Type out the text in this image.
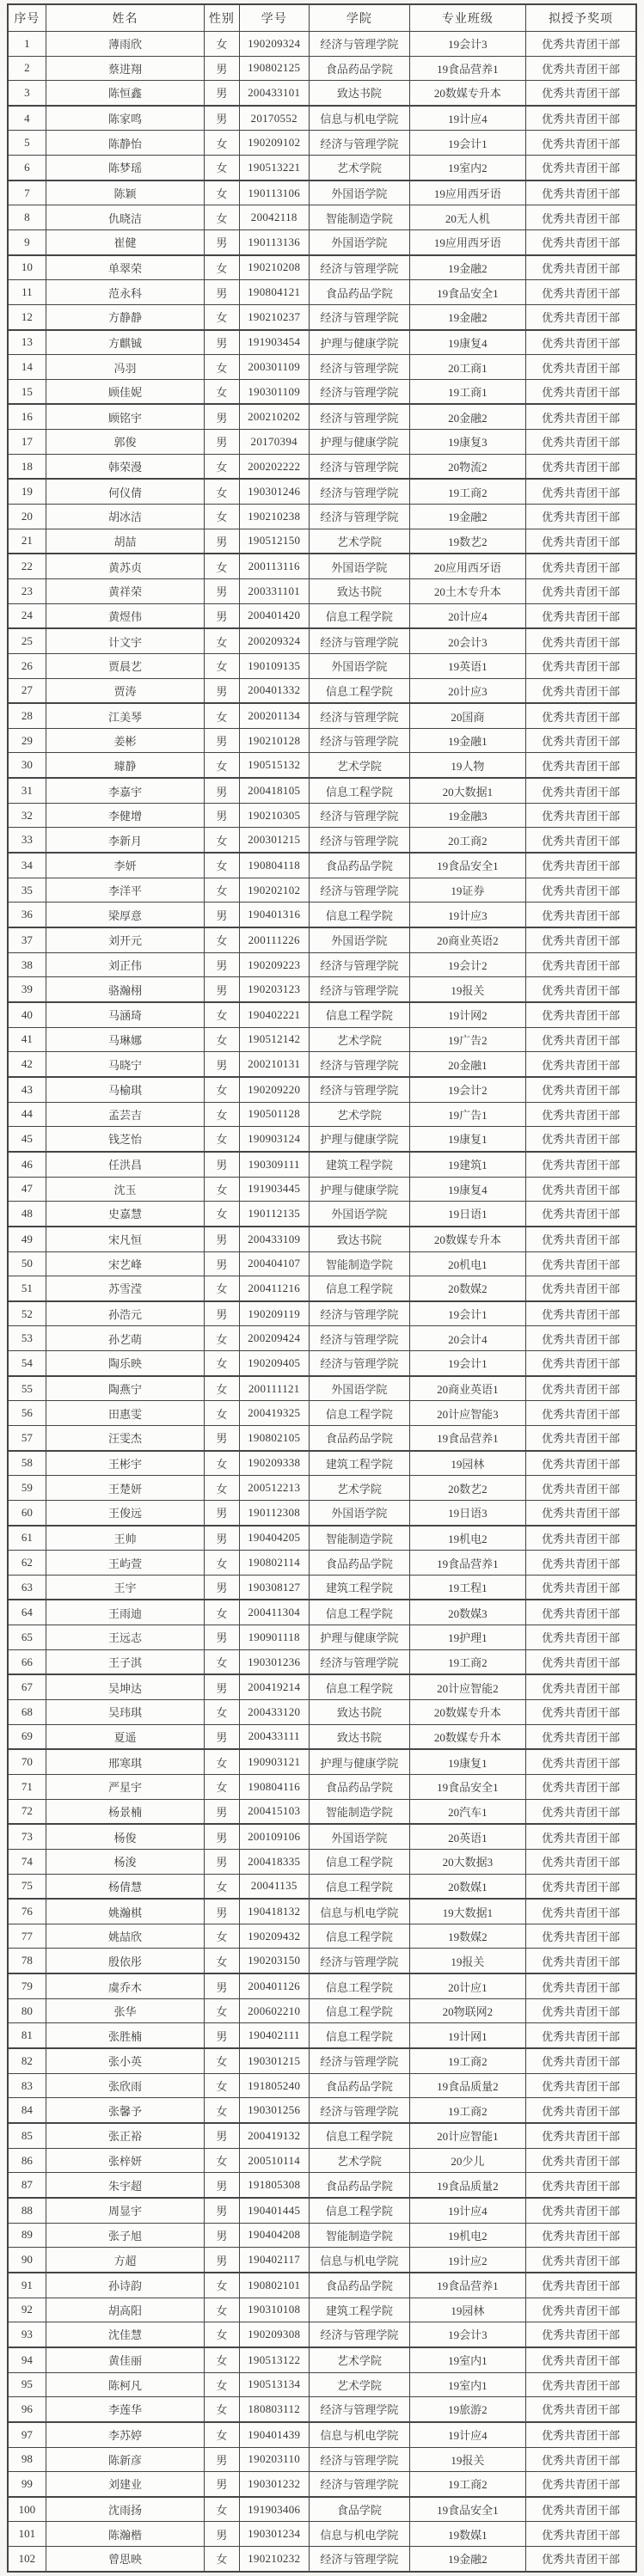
序号	姓名	性别	学号	学院	专业班级	拟授予奖项
1	薄雨欣	女	190209324	经济与管理学院	19会计3	优秀共青团干部
2	蔡进翔	男	190802125	食品药品学院	19食品营养1	优秀共青团干部
3	陈恒鑫	男	200433101	致达书院	20数媒专升本	优秀共青团干部
4	陈家鸣	男	20170552	信息与机电学院	19计应4	优秀共青团干部
5	陈静怡	女	190209102	经济与管理学院	19会计1	优秀共青团干部
6	陈梦瑶	女	190513221	艺术学院	19室内2	优秀共青团干部
7	陈颖	女	190113106	外国语学院	19应用西牙语	优秀共青团干部
8	仇晓洁	女	20042118	智能制造学院	20无人机	优秀共青团干部
9	崔健	男	190113136	外国语学院	19应用西牙语	优秀共青团干部
10	单翠荣	女	190210208	经济与管理学院	19金融2	优秀共青团干部
11	范永科	男	190804121	食品药品学院	19食品安全1	优秀共青团干部
12	方静静	女	190210237	经济与管理学院	19金融2	优秀共青团干部
13	方麒铖	男	191903454	护理与健康学院	19康复4	优秀共青团干部
14	冯羽	女	200301109	经济与管理学院	20工商1	优秀共青团干部
15	顾佳妮	女	190301109	经济与管理学院	19工商1	优秀共青团干部
16	顾铭宇	男	200210202	经济与管理学院	20金融2	优秀共青团干部
17	郭俊	男	20170394	护理与健康学院	19康复3	优秀共青团干部
18	韩荣漫	女	200202222	经济与管理学院	20物流2	优秀共青团干部
19	何仪倩	女	190301246	经济与管理学院	19工商2	优秀共青团干部
20	胡冰洁	女	190210238	经济与管理学院	19金融2	优秀共青团干部
21	胡喆	男	190512150	艺术学院	19数艺2	优秀共青团干部
22	黄苏贞	女	200113116	外国语学院	20应用西牙语	优秀共青团干部
23	黄祥荣	男	200331101	致达书院	20土木专升本	优秀共青团干部
24	黄煜伟	男	200401420	信息工程学院	20计应4	优秀共青团干部
25	计文宇	女	200209324	经济与管理学院	20会计3	优秀共青团干部
26	贾晨艺	女	190109135	外国语学院	19英语1	优秀共青团干部
27	贾涛	男	200401332	信息工程学院	20计应3	优秀共青团干部
28	江美琴	女	200201134	经济与管理学院	20国商	优秀共青团干部
29	姜彬	男	190210128	经济与管理学院	19金融1	优秀共青团干部
30	璩静	女	190515132	艺术学院	19人物	优秀共青团干部
31	李嘉宇	男	200418105	信息工程学院	20大数据1	优秀共青团干部
32	李健增	男	190210305	经济与管理学院	19金融3	优秀共青团干部
33	李新月	女	200301215	经济与管理学院	20工商2	优秀共青团干部
34	李妍	女	190804118	食品药品学院	19食品安全1	优秀共青团干部
35	李洋平	女	190202102	经济与管理学院	19证券	优秀共青团干部
36	梁厚意	男	190401316	信息工程学院	19计应3	优秀共青团干部
37	刘开元	女	200111226	外国语学院	20商业英语2	优秀共青团干部
38	刘正伟	男	190209223	经济与管理学院	19会计2	优秀共青团干部
39	骆瀚栩	男	190203123	经济与管理学院	19报关	优秀共青团干部
40	马涵琦	女	190402221	信息工程学院	19计网2	优秀共青团干部
41	马琳娜	女	190512142	艺术学院	19广告2	优秀共青团干部
42	马晓宁	男	200210131	经济与管理学院	20金融1	优秀共青团干部
43	马榆琪	女	190209220	经济与管理学院	19会计2	优秀共青团干部
44	孟芸吉	女	190501128	艺术学院	19广告1	优秀共青团干部
45	钱芝怡	女	190903124	护理与健康学院	19康复1	优秀共青团干部
46	任洪昌	男	190309111	建筑工程学院	19建筑1	优秀共青团干部
47	沈玉	女	191903445	护理与健康学院	19康复4	优秀共青团干部
48	史嘉慧	女	190112135	外国语学院	19日语1	优秀共青团干部
49	宋凡恒	男	200433109	致达书院	20数媒专升本	优秀共青团干部
50	宋艺峰	男	200404107	智能制造学院	20机电1	优秀共青团干部
51	苏雪滢	女	200411216	信息工程学院	20数媒2	优秀共青团干部
52	孙浩元	男	190209119	经济与管理学院	19会计1	优秀共青团干部
53	孙艺萌	女	200209424	经济与管理学院	20会计4	优秀共青团干部
54	陶乐映	女	190209405	经济与管理学院	19会计1	优秀共青团干部
55	陶燕宁	女	200111121	外国语学院	20商业英语1	优秀共青团干部
56	田惠雯	女	200419325	信息工程学院	20计应智能3	优秀共青团干部
57	汪雯杰	男	190802105	食品药品学院	19食品营养1	优秀共青团干部
58	王彬宇	女	190209338	建筑工程学院	19园林	优秀共青团干部
59	王楚妍	女	200512213	艺术学院	20数艺2	优秀共青团干部
60	王俊远	男	190112308	外国语学院	19日语3	优秀共青团干部
61	王帅	男	190404205	智能制造学院	19机电2	优秀共青团干部
62	王屿萱	女	190802114	食品药品学院	19食品营养1	优秀共青团干部
63	王宇	男	190308127	建筑工程学院	19工程1	优秀共青团干部
64	王雨迪	女	200411304	信息工程学院	20数媒3	优秀共青团干部
65	王远志	男	190901118	护理与健康学院	19护理1	优秀共青团干部
66	王子淇	女	190301236	经济与管理学院	19工商2	优秀共青团干部
67	吴坤达	男	200419214	信息工程学院	20计应智能2	优秀共青团干部
68	吴玮琪	女	200433120	致达书院	20数媒专升本	优秀共青团干部
69	夏遥	男	200433111	致达书院	20数媒专升本	优秀共青团干部
70	邢寒琪	女	190903121	护理与健康学院	19康复1	优秀共青团干部
71	严星宇	女	190804116	食品药品学院	19食品安全1	优秀共青团干部
72	杨景楠	男	200415103	智能制造学院	20汽车1	优秀共青团干部
73	杨俊	男	200109106	外国语学院	20英语1	优秀共青团干部
74	杨浚	男	200418335	信息工程学院	20大数据3	优秀共青团干部
75	杨倩慧	女	20041135	信息工程学院	20数媒1	优秀共青团干部
76	姚瀚棋	男	190418132	信息与机电学院	19大数据1	优秀共青团干部
77	姚喆欣	女	190209432	信息工程学院	19数媒2	优秀共青团干部
78	殷依彤	女	190203150	经济与管理学院	19报关	优秀共青团干部
79	虞乔木	男	200401126	信息工程学院	20计应1	优秀共青团干部
80	张华	女	200602210	信息工程学院	20物联网2	优秀共青团干部
81	张胜楠	男	190402111	信息工程学院	19计网1	优秀共青团干部
82	张小英	女	190301215	经济与管理学院	19工商2	优秀共青团干部
83	张欣雨	女	191805240	食品药品学院	19食品质量2	优秀共青团干部
84	张馨予	女	190301256	经济与管理学院	19工商2	优秀共青团干部
85	张正裕	男	200419132	信息工程学院	20计应智能1	优秀共青团干部
86	张梓妍	女	200510114	艺术学院	20少儿	优秀共青团干部
87	朱宇超	男	191805308	食品药品学院	19食品质量2	优秀共青团干部
88	周显宇	男	190401445	信息工程学院	19计应4	优秀共青团干部
89	张子旭	男	190404208	智能制造学院	19机电2	优秀共青团干部
90	方超	男	190402117	信息与机电学院	19计应2	优秀共青团干部
91	孙诗韵	女	190802101	食品药品学院	19食品营养1	优秀共青团干部
92	胡高阳	女	190310108	建筑工程学院	19园林	优秀共青团干部
93	沈佳慧	女	190209308	经济与管理学院	19会计3	优秀共青团干部
94	黄佳丽	女	190513122	艺术学院	19室内1	优秀共青团干部
95	陈柯凡	女	190513134	艺术学院	19室内1	优秀共青团干部
96	李莲华	女	180803112	经济与管理学院	19旅游2	优秀共青团干部
97	李苏婷	女	190401439	信息与机电学院	19计应4	优秀共青团干部
98	陈新彦	男	190203110	经济与管理学院	19报关	优秀共青团干部
99	刘建业	男	190301232	经济与管理学院	19工商2	优秀共青团干部
100	沈雨扬	女	191903406	食品学院	19食品安全1	优秀共青团干部
101	陈瀚楷	男	190301234	信息与机电学院	19数媒1	优秀共青团干部
102	曾思映	女	190210232	经济与管理学院	19金融2	优秀共青团干部
